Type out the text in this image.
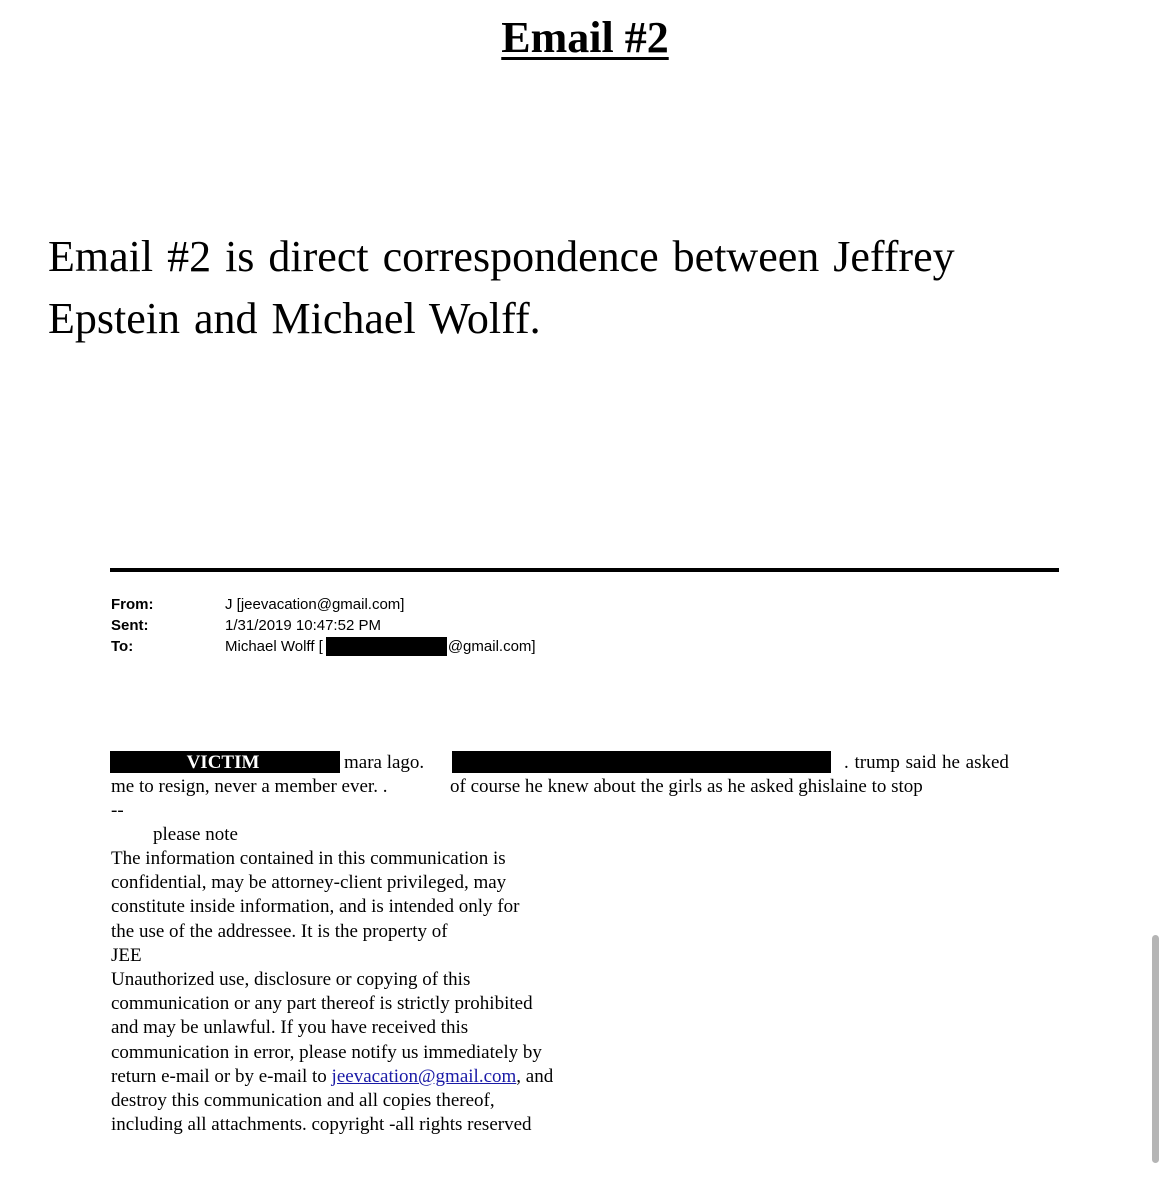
Email #2
Email #2 is direct correspondence between Jeffrey
Epstein and Michael Wolff.
From:	J [jeevacation@gmail.com]
Sent:	1/31/2019 10:47:52 PM
To:	Michael Wolff [	@gmail.com]
VICTIM	mara lago.	. trump said he asked
me to resign, never a member ever. .	of course he knew about the girls as he asked ghislaine to stop
--
please note
The information contained in this communication is
confidential, may be attorney-client privileged, may
constitute inside information, and is intended only for
the use of the addressee. It is the property of
JEE
Unauthorized use, disclosure or copying of this
communication or any part thereof is strictly prohibited
and may be unlawful. If you have received this
communication in error, please notify us immediately by
return e-mail or by e-mail to jeevacation@gmail.com, and
destroy this communication and all copies thereof,
including all attachments. copyright -all rights reserved
